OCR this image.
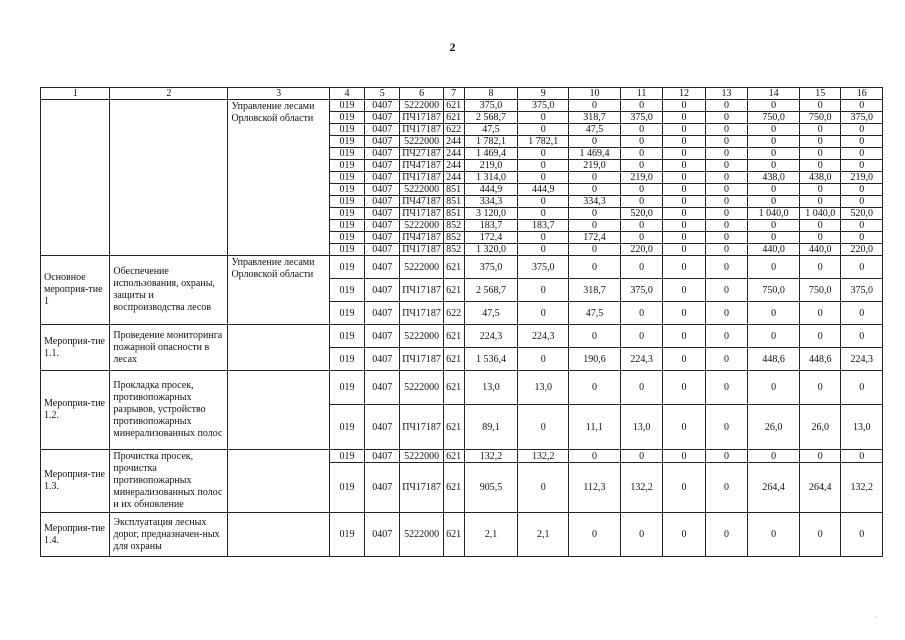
2
1	2	3	4	5	6	7	8	9	10	11	12	13	14	15	16
		Управление лесами Орловской области	019	0407	5222000	621	375,0	375,0	0	0	0	0	0	0	0
			019	0407	ПЧ17187	621	2 568,7	0	318,7	375,0	0	0	750,0	750,0	375,0
			019	0407	ПЧ17187	622	47,5	0	47,5	0	0	0	0	0	0
			019	0407	5222000	244	1 782,1	1 782,1	0	0	0	0	0	0	0
			019	0407	ПЧ27187	244	1 469,4	0	1 469,4	0	0	0	0	0	0
			019	0407	ПЧ47187	244	219,0	0	219,0	0	0	0	0	0	0
			019	0407	ПЧ17187	244	1 314,0	0	0	219,0	0	0	438,0	438,0	219,0
			019	0407	5222000	851	444,9	444,9	0	0	0	0	0	0	0
			019	0407	ПЧ47187	851	334,3	0	334,3	0	0	0	0	0	0
			019	0407	ПЧ17187	851	3 120,0	0	0	520,0	0	0	1 040,0	1 040,0	520,0
			019	0407	5222000	852	183,7	183,7	0	0	0	0	0	0	0
			019	0407	ПЧ47187	852	172,4	0	172,4	0	0	0	0	0	0
			019	0407	ПЧ17187	852	1 320,0	0	0	220,0	0	0	440,0	440,0	220,0
Основное мероприя-тие 1	Обеспечение использования, охраны, защиты и воспроизводства лесов	Управление лесами Орловской области	019	0407	5222000	621	375,0	375,0	0	0	0	0	0	0	0
			019	0407	ПЧ17187	621	2 568,7	0	318,7	375,0	0	0	750,0	750,0	375,0
			019	0407	ПЧ17187	622	47,5	0	47,5	0	0	0	0	0	0
Мероприя-тие 1.1.	Проведение мониторинга пожарной опасности в лесах		019	0407	5222000	621	224,3	224,3	0	0	0	0	0	0	0
			019	0407	ПЧ17187	621	1 536,4	0	190,6	224,3	0	0	448,6	448,6	224,3
Мероприя-тие 1.2.	Прокладка просек, противопожарных разрывов, устройство противопожарных минерализованных полос		019	0407	5222000	621	13,0	13,0	0	0	0	0	0	0	0
			019	0407	ПЧ17187	621	89,1	0	11,1	13,0	0	0	26,0	26,0	13,0
Мероприя-тие 1.3.	Прочистка просек, прочистка противопожарных минерализованных полос и их обновление		019	0407	5222000	621	132,2	132,2	0	0	0	0	0	0	0
			019	0407	ПЧ17187	621	905,5	0	112,3	132,2	0	0	264,4	264,4	132,2
Мероприя-тие 1.4.	Эксплуатация лесных дорог, предназначен-ных для охраны		019	0407	5222000	621	2,1	2,1	0	0	0	0	0	0	0
·
